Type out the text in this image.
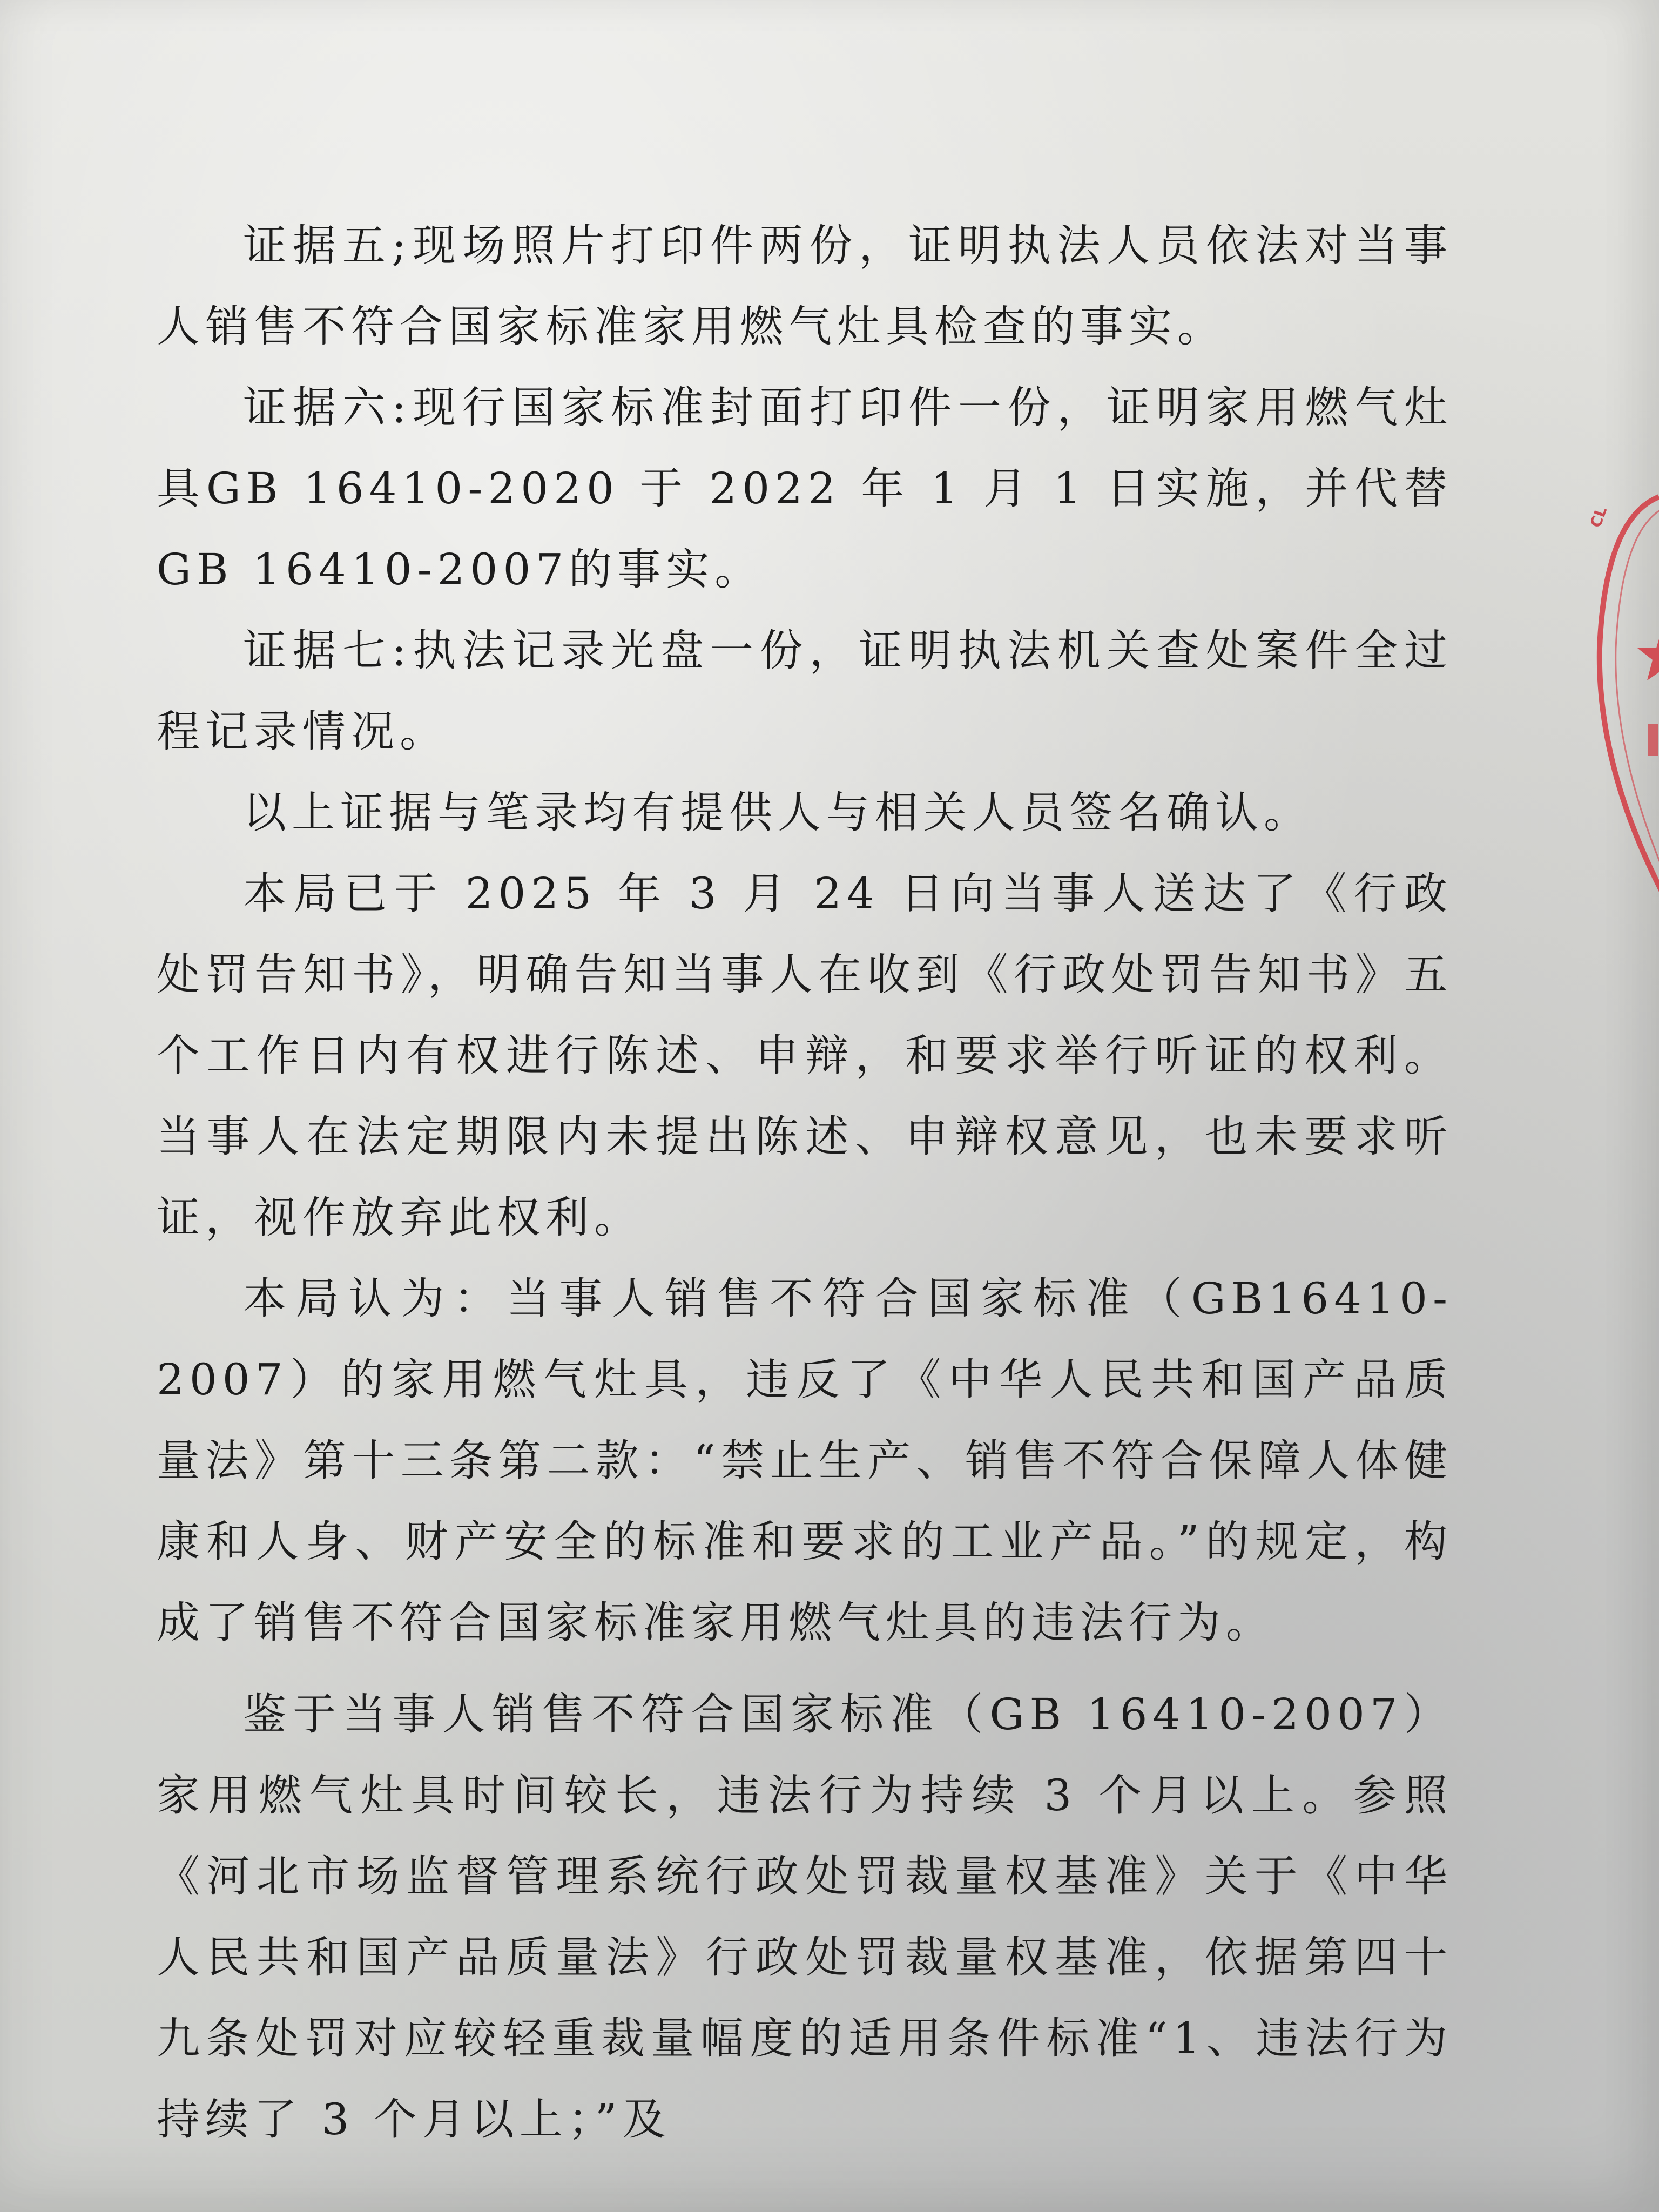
证据五;现场照片打印件两份，证明执法人员依法对当事人销售不符合国家标准家用燃气灶具检查的事实。

证据六:现行国家标准封面打印件一份，证明家用燃气灶具GB 16410-2020 于 2022 年 1 月 1 日实施，并代替 GB 16410-2007的事实。

证据七:执法记录光盘一份，证明执法机关查处案件全过程记录情况。

以上证据与笔录均有提供人与相关人员签名确认。

本局已于 2025 年 3 月 24 日向当事人送达了《行政处罚告知书》，明确告知当事人在收到《行政处罚告知书》五个工作日内有权进行陈述、申辩，和要求举行听证的权利。当事人在法定期限内未提出陈述、申辩权意见，也未要求听证，视作放弃此权利。

本局认为：当事人销售不符合国家标准（GB16410-2007）的家用燃气灶具，违反了《中华人民共和国产品质量法》第十三条第二款：“禁止生产、销售不符合保障人体健康和人身、财产安全的标准和要求的工业产品。”的规定，构成了销售不符合国家标准家用燃气灶具的违法行为。

鉴于当事人销售不符合国家标准（GB 16410-2007）家用燃气灶具时间较长，违法行为持续 3 个月以上。参照《河北市场监督管理系统行政处罚裁量权基准》关于《中华人民共和国产品质量法》行政处罚裁量权基准，依据第四十九条处罚对应较轻重裁量幅度的适用条件标准“1、违法行为持续了 3 个月以上；”及

CL
